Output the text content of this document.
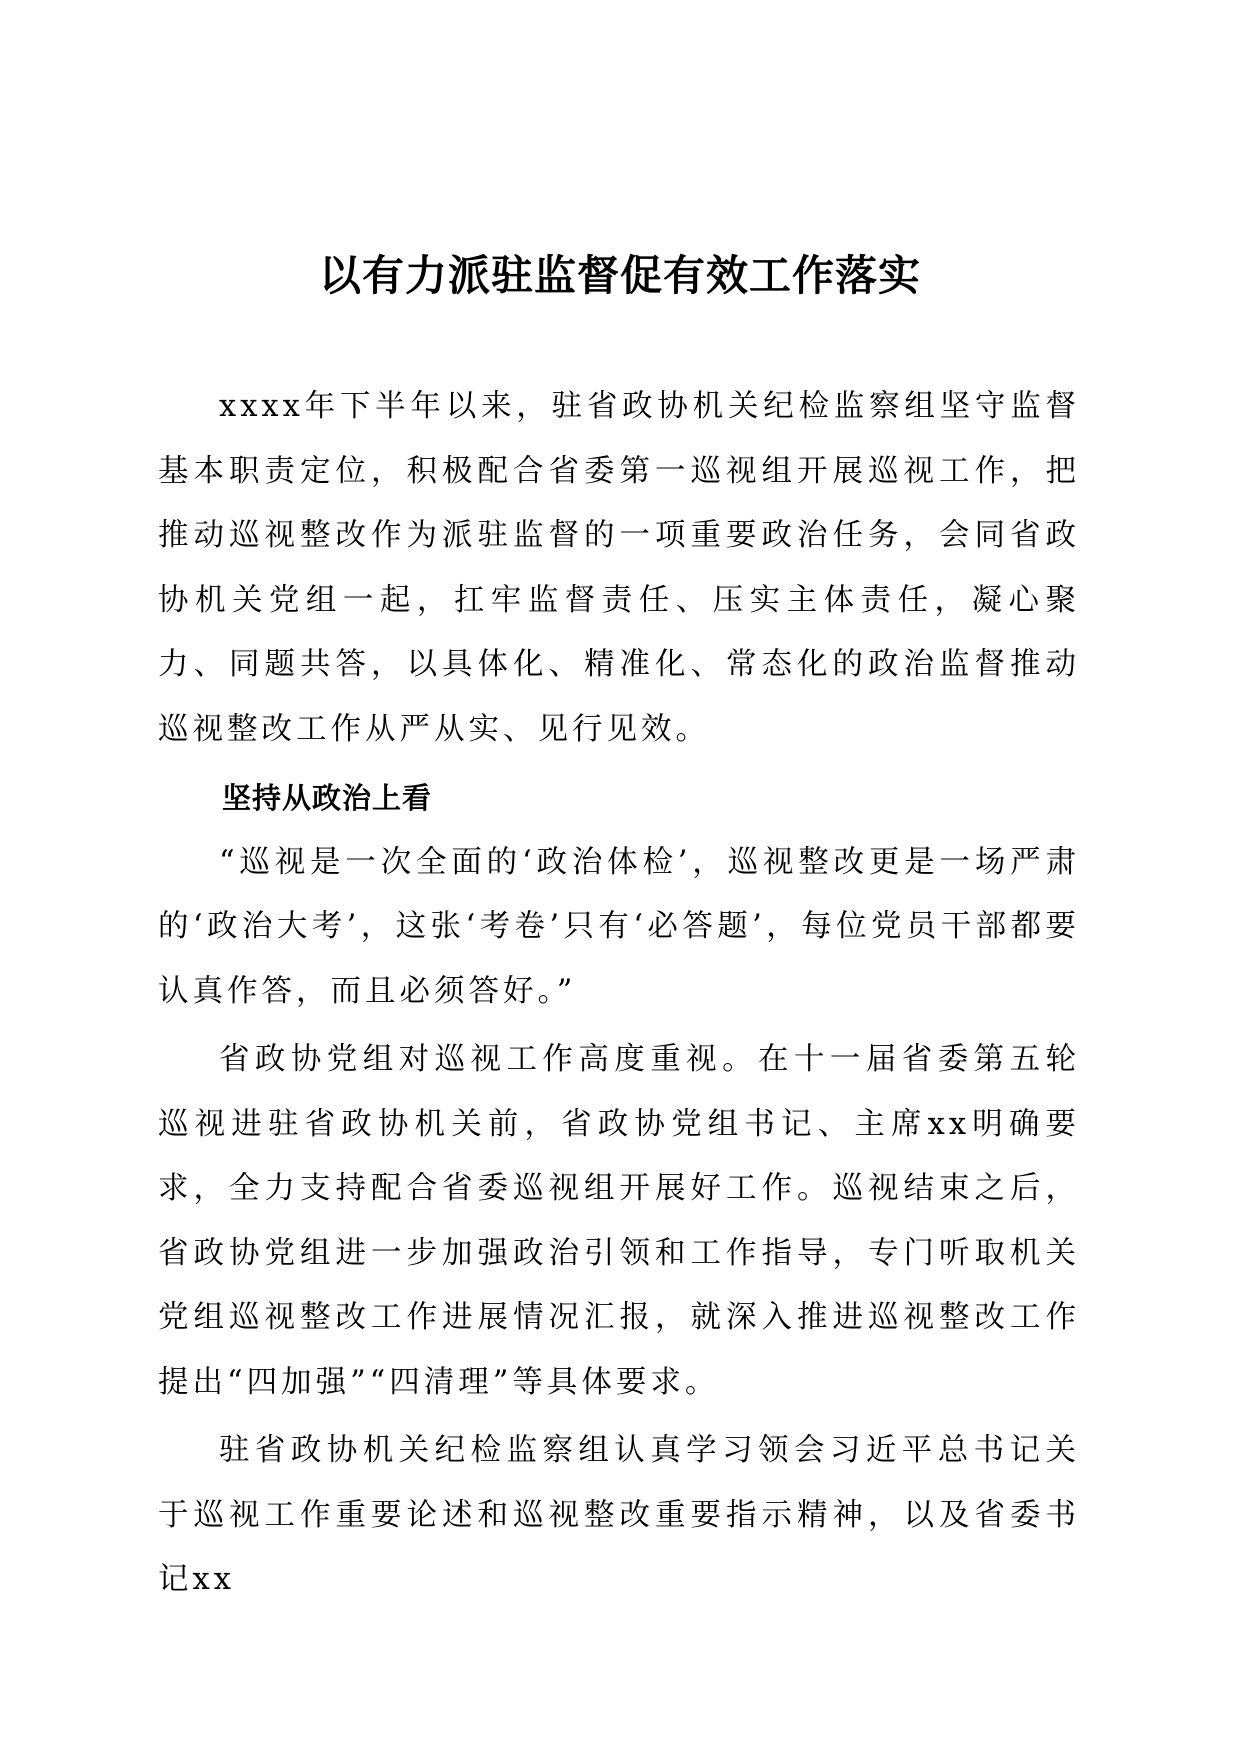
以有力派驻监督促有效工作落实

xxxx年下半年以来，驻省政协机关纪检监察组坚守监督基本职责定位，积极配合省委第一巡视组开展巡视工作，把推动巡视整改作为派驻监督的一项重要政治任务，会同省政协机关党组一起，扛牢监督责任、压实主体责任，凝心聚力、同题共答，以具体化、精准化、常态化的政治监督推动巡视整改工作从严从实、见行见效。

坚持从政治上看

“巡视是一次全面的‘政治体检’，巡视整改更是一场严肃的‘政治大考’，这张‘考卷’只有‘必答题’，每位党员干部都要认真作答，而且必须答好。”

省政协党组对巡视工作高度重视。在十一届省委第五轮巡视进驻省政协机关前，省政协党组书记、主席xx明确要求，全力支持配合省委巡视组开展好工作。巡视结束之后，省政协党组进一步加强政治引领和工作指导，专门听取机关党组巡视整改工作进展情况汇报，就深入推进巡视整改工作提出“四加强”“四清理”等具体要求。

驻省政协机关纪检监察组认真学习领会习近平总书记关于巡视工作重要论述和巡视整改重要指示精神，以及省委书记xx
